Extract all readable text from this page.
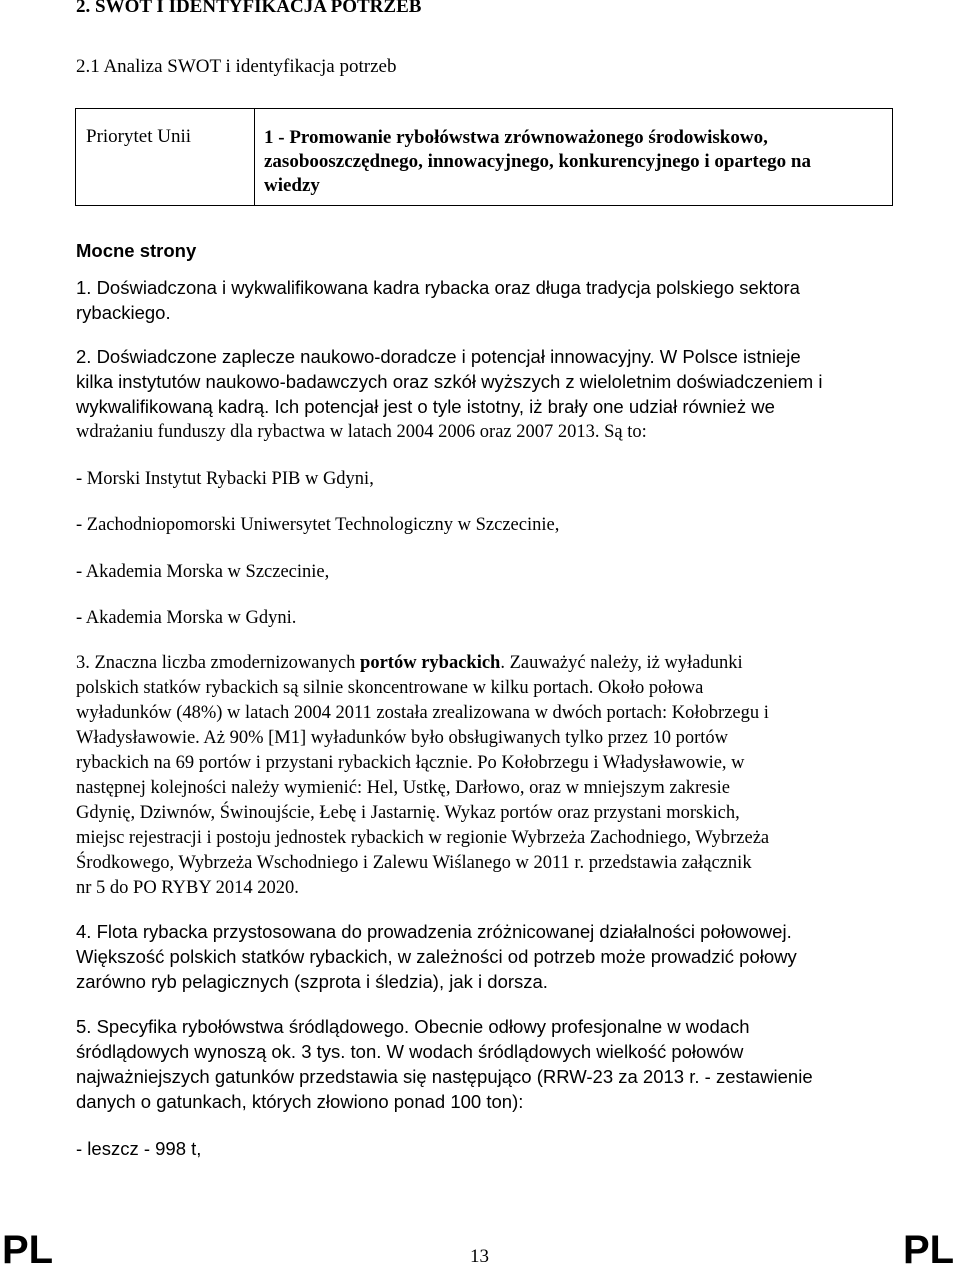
2. SWOT I IDENTYFIKACJA POTRZEB
2.1 Analiza SWOT i identyfikacja potrzeb
Priorytet Unii	1 - Promowanie rybołówstwa zrównoważonego środowiskowo,
zasobooszczędnego, innowacyjnego, konkurencyjnego i opartego na
wiedzy
Mocne strony
1. Doświadczona i wykwalifikowana kadra rybacka oraz długa tradycja polskiego sektora
rybackiego.
2. Doświadczone zaplecze naukowo-doradcze i potencjał innowacyjny. W Polsce istnieje
kilka instytutów naukowo-badawczych oraz szkół wyższych z wieloletnim doświadczeniem i
wykwalifikowaną kadrą. Ich potencjał jest o tyle istotny, iż brały one udział również we
wdrażaniu funduszy dla rybactwa w latach 2004 2006 oraz 2007 2013. Są to:
- Morski Instytut Rybacki PIB w Gdyni,
- Zachodniopomorski Uniwersytet Technologiczny w Szczecinie,
- Akademia Morska w Szczecinie,
- Akademia Morska w Gdyni.
3. Znaczna liczba zmodernizowanych portów rybackich. Zauważyć należy, iż wyładunki
polskich statków rybackich są silnie skoncentrowane w kilku portach. Około połowa
wyładunków (48%) w latach 2004 2011 została zrealizowana w dwóch portach: Kołobrzegu i
Władysławowie. Aż 90% [M1] wyładunków było obsługiwanych tylko przez 10 portów
rybackich na 69 portów i przystani rybackich łącznie. Po Kołobrzegu i Władysławowie, w
następnej kolejności należy wymienić: Hel, Ustkę, Darłowo, oraz w mniejszym zakresie
Gdynię, Dziwnów, Świnoujście, Łebę i Jastarnię. Wykaz portów oraz przystani morskich,
miejsc rejestracji i postoju jednostek rybackich w regionie Wybrzeża Zachodniego, Wybrzeża
Środkowego, Wybrzeża Wschodniego i Zalewu Wiślanego w 2011 r. przedstawia załącznik
nr 5 do PO RYBY 2014 2020.
4. Flota rybacka przystosowana do prowadzenia zróżnicowanej działalności połowowej.
Większość polskich statków rybackich, w zależności od potrzeb może prowadzić połowy
zarówno ryb pelagicznych (szprota i śledzia), jak i dorsza.
5. Specyfika rybołówstwa śródlądowego. Obecnie odłowy profesjonalne w wodach
śródlądowych wynoszą ok. 3 tys. ton. W wodach śródlądowych wielkość połowów
najważniejszych gatunków przedstawia się następująco (RRW-23 za 2013 r. - zestawienie
danych o gatunkach, których złowiono ponad 100 ton):
- leszcz - 998 t,
PL	13	PL
